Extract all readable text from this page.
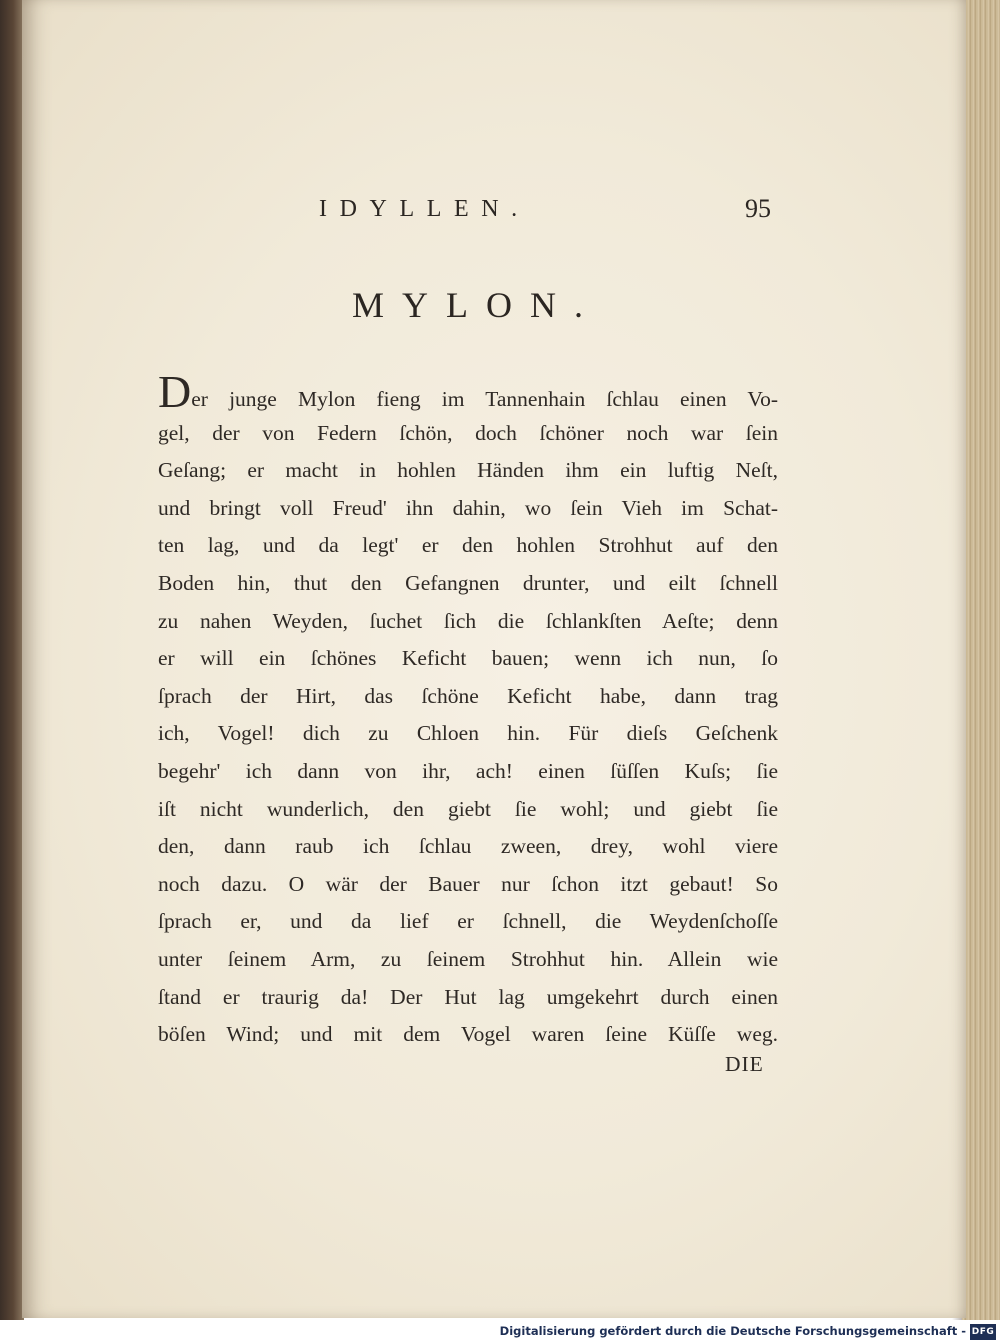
IDYLLEN.	95
MYLON.
Der junge Mylon fieng im Tannenhain ſchlau einen Vo-
gel, der von Federn ſchön, doch ſchöner noch war ſein
Geſang; er macht in hohlen Händen ihm ein luftig Neſt,
und bringt voll Freud' ihn dahin, wo ſein Vieh im Schat-
ten lag, und da legt' er den hohlen Strohhut auf den
Boden hin, thut den Gefangnen drunter, und eilt ſchnell
zu nahen Weyden, ſuchet ſich die ſchlankſten Aeſte; denn
er will ein ſchönes Keficht bauen; wenn ich nun, ſo
ſprach der Hirt, das ſchöne Keficht habe, dann trag
ich, Vogel! dich zu Chloen hin. Für dieſs Geſchenk
begehr' ich dann von ihr, ach! einen ſüſſen Kuſs; ſie
iſt nicht wunderlich, den giebt ſie wohl; und giebt ſie
den, dann raub ich ſchlau zween, drey, wohl viere
noch dazu. O wär der Bauer nur ſchon itzt gebaut! So
ſprach er, und da lief er ſchnell, die Weydenſchoſſe
unter ſeinem Arm, zu ſeinem Strohhut hin. Allein wie
ſtand er traurig da! Der Hut lag umgekehrt durch einen
böſen Wind; und mit dem Vogel waren ſeine Küſſe weg.
DIE
Digitalisierung gefördert durch die Deutsche Forschungsgemeinschaft - DFG
